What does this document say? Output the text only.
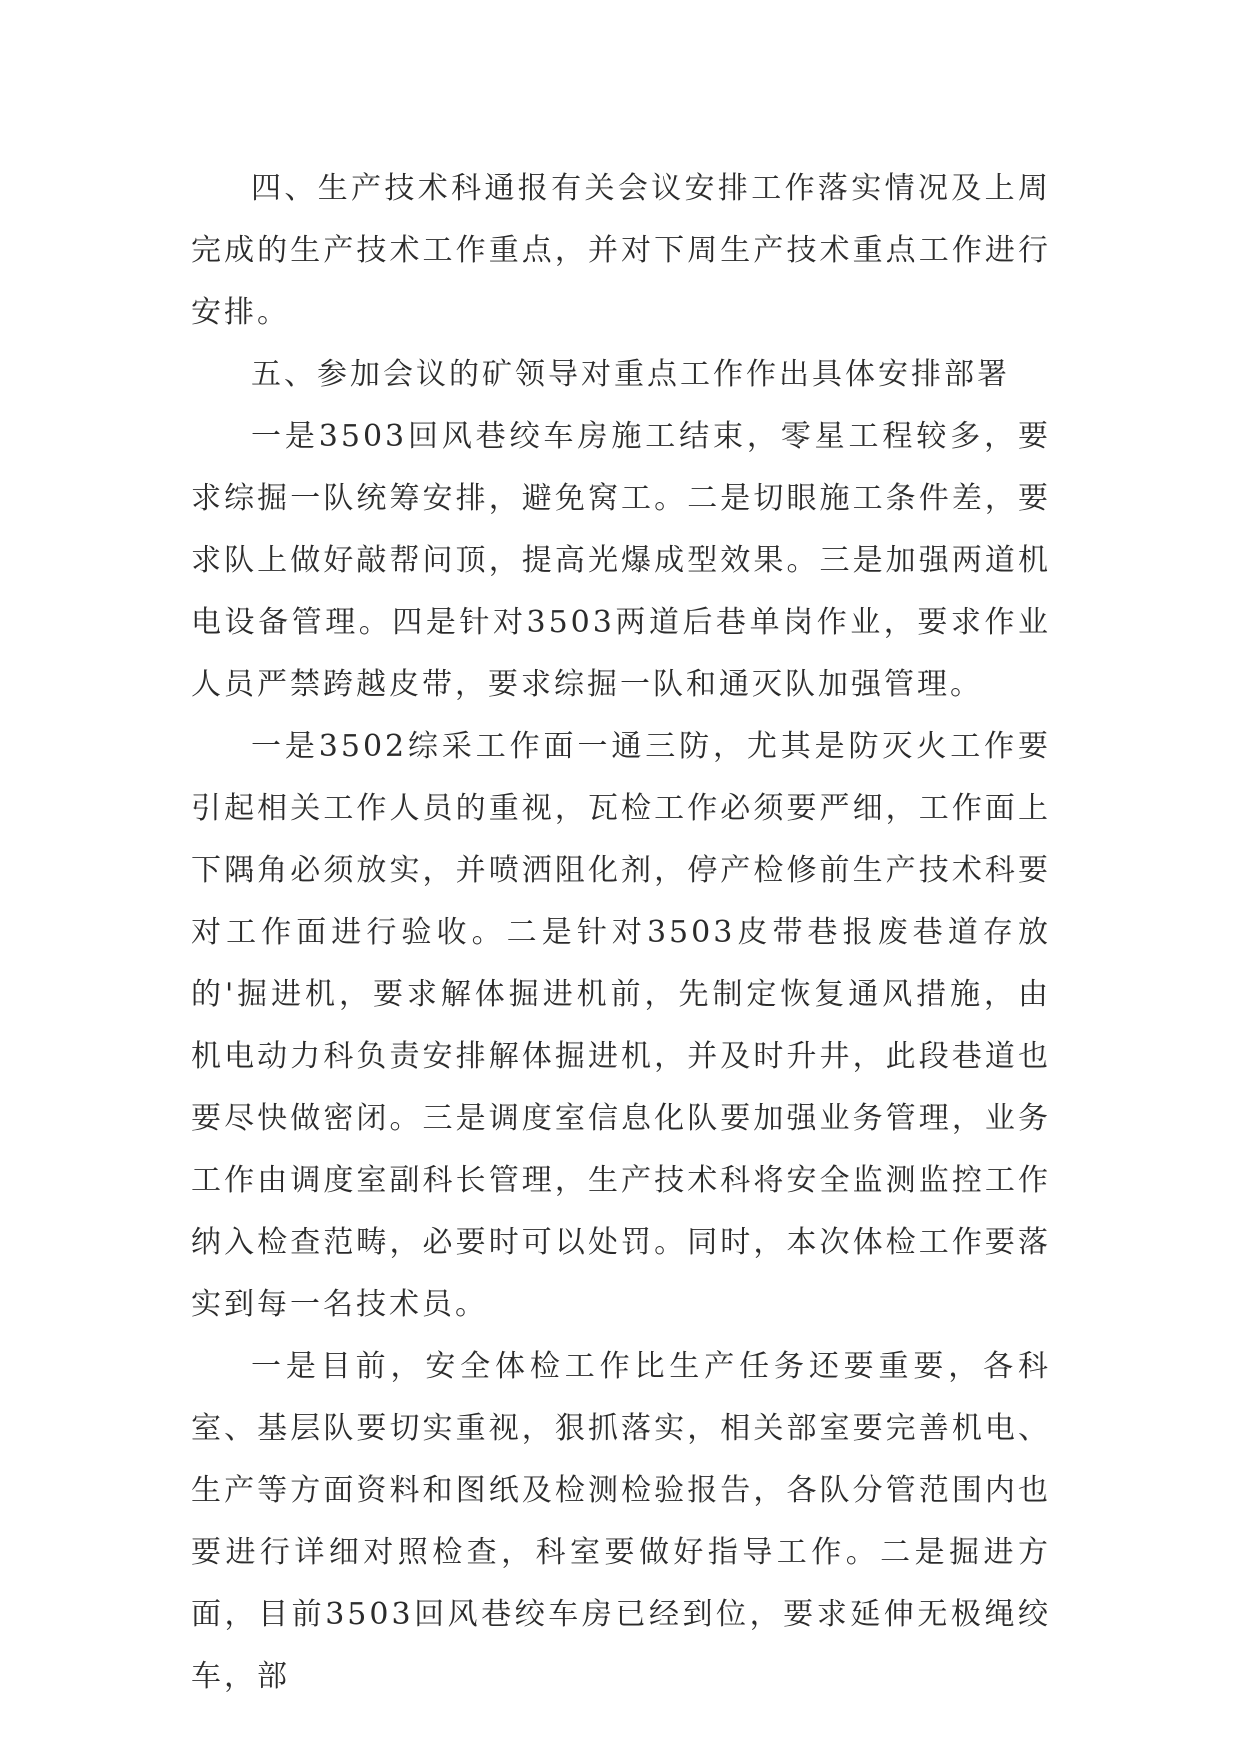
四、生产技术科通报有关会议安排工作落实情况及上周完成的生产技术工作重点，并对下周生产技术重点工作进行安排。

五、参加会议的矿领导对重点工作作出具体安排部署

一是3503回风巷绞车房施工结束，零星工程较多，要求综掘一队统筹安排，避免窝工。二是切眼施工条件差，要求队上做好敲帮问顶，提高光爆成型效果。三是加强两道机电设备管理。四是针对3503两道后巷单岗作业，要求作业人员严禁跨越皮带，要求综掘一队和通灭队加强管理。

一是3502综采工作面一通三防，尤其是防灭火工作要引起相关工作人员的重视，瓦检工作必须要严细，工作面上下隅角必须放实，并喷洒阻化剂，停产检修前生产技术科要对工作面进行验收。二是针对3503皮带巷报废巷道存放的'掘进机，要求解体掘进机前，先制定恢复通风措施，由机电动力科负责安排解体掘进机，并及时升井，此段巷道也要尽快做密闭。三是调度室信息化队要加强业务管理，业务工作由调度室副科长管理，生产技术科将安全监测监控工作纳入检查范畴，必要时可以处罚。同时，本次体检工作要落实到每一名技术员。

一是目前，安全体检工作比生产任务还要重要，各科室、基层队要切实重视，狠抓落实，相关部室要完善机电、生产等方面资料和图纸及检测检验报告，各队分管范围内也要进行详细对照检查，科室要做好指导工作。二是掘进方面，目前3503回风巷绞车房已经到位，要求延伸无极绳绞车，部
